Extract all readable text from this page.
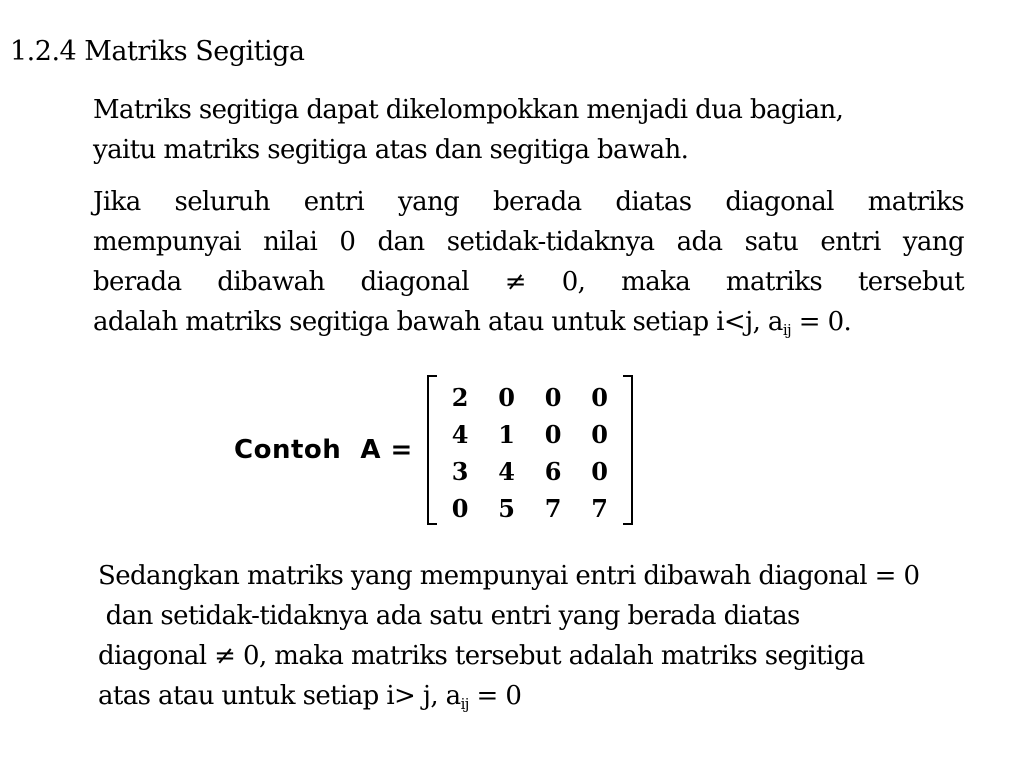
1.2.4 Matriks Segitiga
Matriks segitiga dapat dikelompokkan menjadi dua bagian,
yaitu matriks segitiga atas dan segitiga bawah.
Jika seluruh entri yang berada diatas diagonal matriks
mempunyai nilai 0 dan setidak-tidaknya ada satu entri yang
berada dibawah diagonal ≠ 0, maka matriks tersebut
adalah matriks segitiga bawah atau untuk setiap i<j, $a_{ij} = 0$.
Contoh A =
2	0	0	0
4	1	0	0
3	4	6	0
0	5	7	7
Sedangkan matriks yang mempunyai entri dibawah diagonal = 0
dan setidak-tidaknya ada satu entri yang berada diatas
diagonal ≠ 0, maka matriks tersebut adalah matriks segitiga
atas atau untuk setiap i> j, $a_{ij} = 0$
